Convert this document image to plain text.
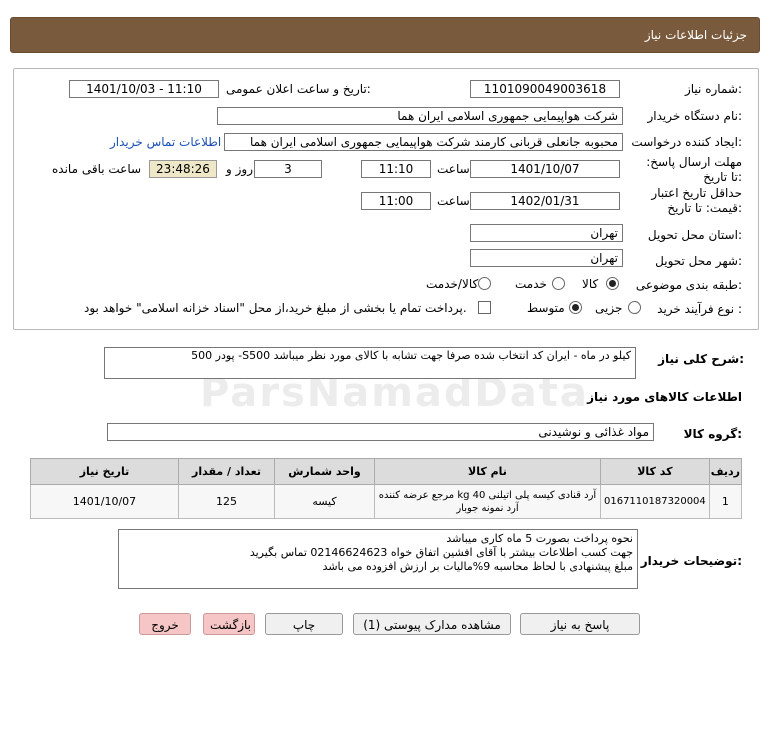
جزئیات اطلاعات نیاز
ParsNamadData
شماره نیاز:
1101090049003618
تاریخ و ساعت اعلان عمومی:
1401/10/03 - 11:10
نام دستگاه خریدار:
شرکت هواپیمایی جمهوری اسلامی ایران هما
ایجاد کننده درخواست:
محبوبه جانعلی قربانی کارمند شرکت هواپیمایی جمهوری اسلامی ایران هما
اطلاعات تماس خریدار
مهلت ارسال پاسخ: تا تاریخ:
1401/10/07
ساعت
11:10
3
روز و
23:48:26
ساعت باقی مانده
حداقل تاریخ اعتبار قیمت: تا تاریخ:
1402/01/31
ساعت
11:00
استان محل تحویل:
تهران
شهر محل تحویل:
تهران
طبقه بندی موضوعی:
کالا
خدمت
کالا/خدمت
نوع فرآیند خرید :
جزیی
متوسط
پرداخت تمام یا بخشی از مبلغ خرید،از محل "اسناد خزانه اسلامی" خواهد بود.
شرح کلی نیاز:
پودر 500 -S500 کیلو در ماه - ایران کد انتخاب شده صرفا جهت تشابه با کالای مورد نظر میباشد
اطلاعات کالاهای مورد نیاز
گروه کالا:
مواد غذائی و نوشیدنی
ردیف	کد کالا	نام کالا	واحد شمارش	تعداد / مقدار	تاریخ نیاز
1	0167110187320004	آرد قنادی کیسه پلی اتیلنی 40 kg مرجع عرضه کننده آرد نمونه جوبار	کیسه	125	1401/10/07
توضیحات خریدار:
نحوه پرداخت بصورت 5 ماه کاری میباشد
جهت کسب اطلاعات بیشتر با آقای افشین اتفاق خواه 02146624623 تماس بگیرید
مبلغ پیشنهادی با لحاظ محاسبه 9%مالیات بر ارزش افزوده می باشد
پاسخ به نیاز
مشاهده مدارک پیوستی (1)
چاپ
بازگشت
خروج
